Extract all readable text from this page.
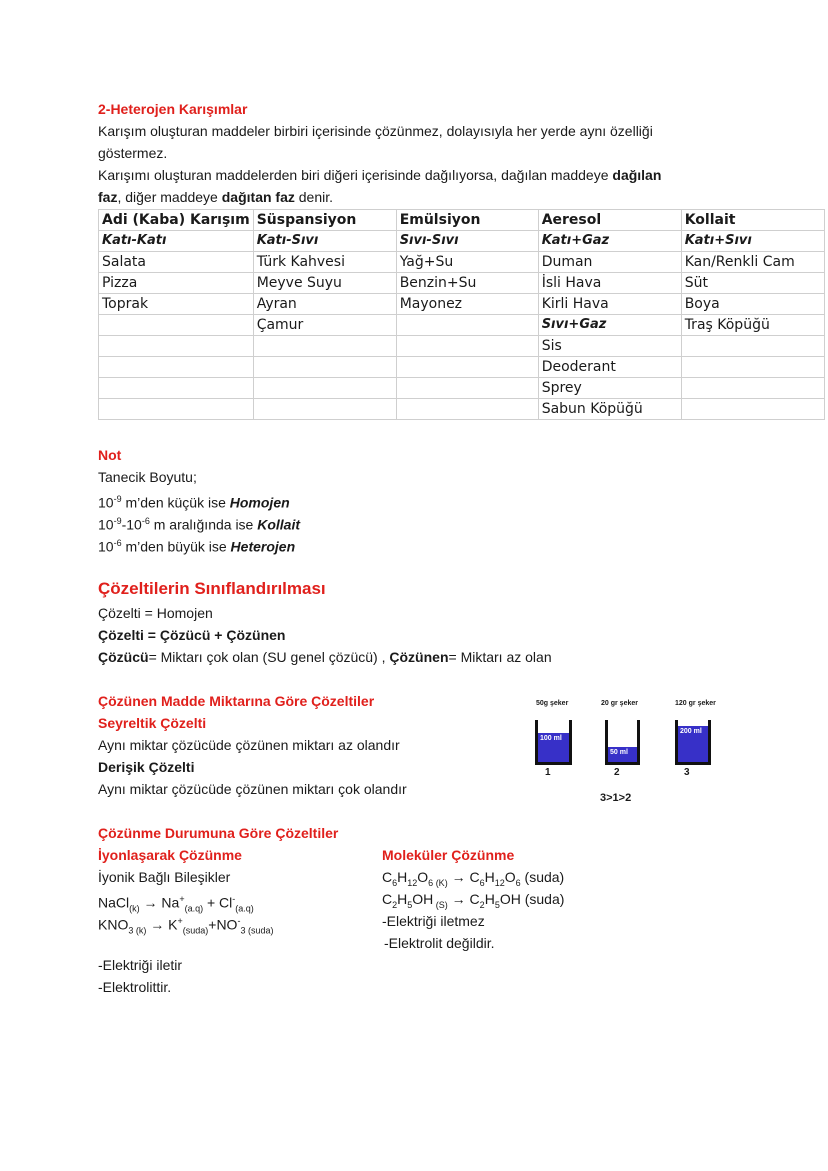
2-Heterojen Karışımlar
Karışım oluşturan maddeler birbiri içerisinde çözünmez, dolayısıyla her yerde aynı özelliği
göstermez.
Karışımı oluşturan maddelerden biri diğeri içerisinde dağılıyorsa, dağılan maddeye dağılan
faz, diğer maddeye dağıtan faz denir.
Adi (Kaba) Karışım	Süspansiyon	Emülsiyon	Aeresol	Kollait
Katı-Katı	Katı-Sıvı	Sıvı-Sıvı	Katı+Gaz	Katı+Sıvı
Salata	Türk Kahvesi	Yağ+Su	Duman	Kan/Renkli Cam
Pizza	Meyve Suyu	Benzin+Su	İsli Hava	Süt
Toprak	Ayran	Mayonez	Kirli Hava	Boya
	Çamur		Sıvı+Gaz	Traş Köpüğü
			Sis	
			Deoderant	
			Sprey	
			Sabun Köpüğü	
Not
Tanecik Boyutu;
$10^{-9}$ m’den küçük ise Homojen
$10^{-9}-10^{-6}$ m aralığında ise Kollait
$10^{-6}$ m’den büyük ise Heterojen
Çözeltilerin Sınıflandırılması
Çözelti = Homojen
Çözelti = Çözücü + Çözünen
Çözücü= Miktarı çok olan (SU genel çözücü) , Çözünen= Miktarı az olan
Çözünen Madde Miktarına Göre Çözeltiler
Seyreltik Çözelti
Aynı miktar çözücüde çözünen miktarı az olandır
Derişik Çözelti
Aynı miktar çözücüde çözünen miktarı çok olandır
50g şeker
100 ml
1
20 gr şeker
50 ml
2
120 gr şeker
200 ml
3
3>1>2
Çözünme Durumuna Göre Çözeltiler
İyonlaşarak Çözünme
İyonik Bağlı Bileşikler
NaCl$_{(k)}$ → $Na^+_{(a.q)} + Cl^-_{(a.q)}$
$KNO_3$ $_{(k)} \to K^+_{(suda)}+NO^-_{3 (suda)}$
-Elektriği iletir
-Elektrolittir.
Moleküler Çözünme
$C_6H_{12}O_6$ $_{(K)} \to C_6H_{12}O_6$ (suda)
$C_2H_5OH$ $_{(S)} \to C_2H_5OH$ (suda)
-Elektriği iletmez
-Elektrolit değildir.
